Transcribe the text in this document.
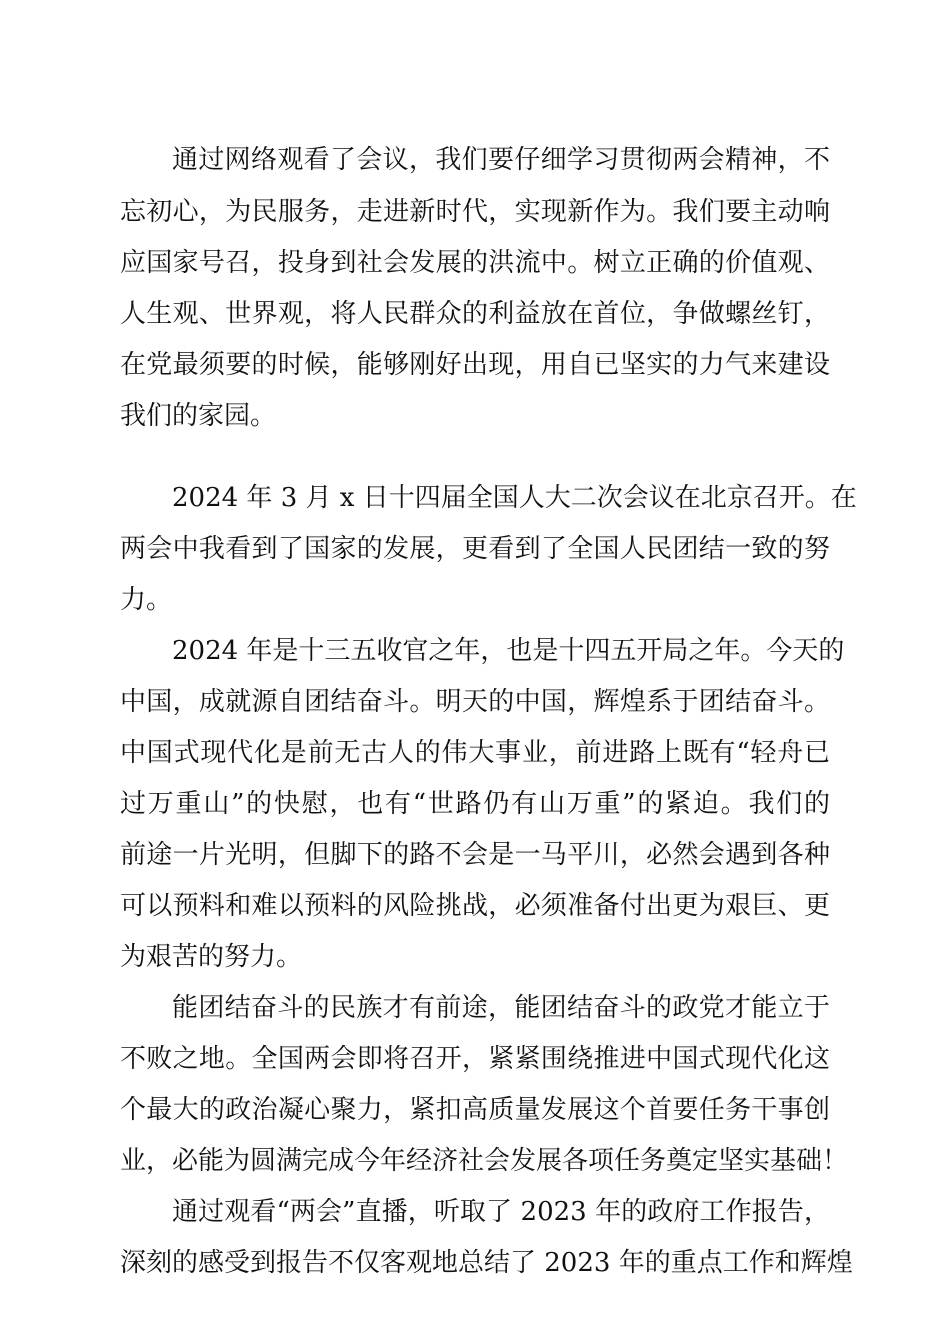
通过网络观看了会议，我们要仔细学习贯彻两会精神，不
忘初心，为民服务，走进新时代，实现新作为。我们要主动响
应国家号召，投身到社会发展的洪流中。树立正确的价值观、
人生观、世界观，将人民群众的利益放在首位，争做螺丝钉，
在党最须要的时候，能够刚好出现，用自已坚实的力气来建设
我们的家园。
2024 年 3 月 x 日十四届全国人大二次会议在北京召开。在
两会中我看到了国家的发展，更看到了全国人民团结一致的努
力。
2024 年是十三五收官之年，也是十四五开局之年。今天的
中国，成就源自团结奋斗。明天的中国，辉煌系于团结奋斗。
中国式现代化是前无古人的伟大事业，前进路上既有“轻舟已
过万重山”的快慰，也有“世路仍有山万重”的紧迫。我们的
前途一片光明，但脚下的路不会是一马平川，必然会遇到各种
可以预料和难以预料的风险挑战，必须准备付出更为艰巨、更
为艰苦的努力。
能团结奋斗的民族才有前途，能团结奋斗的政党才能立于
不败之地。全国两会即将召开，紧紧围绕推进中国式现代化这
个最大的政治凝心聚力，紧扣高质量发展这个首要任务干事创
业，必能为圆满完成今年经济社会发展各项任务奠定坚实基础！
通过观看“两会”直播，听取了 2023 年的政府工作报告，
深刻的感受到报告不仅客观地总结了 2023 年的重点工作和辉煌
